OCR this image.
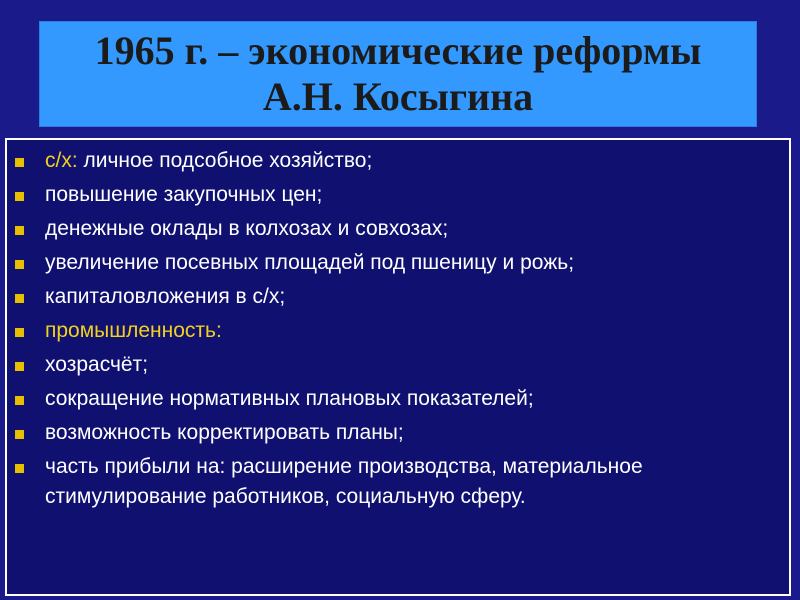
1965 г. – экономические реформы
А.Н. Косыгина
с/х: личное подсобное хозяйство;
повышение закупочных цен;
денежные оклады в колхозах и совхозах;
увеличение посевных площадей под пшеницу и рожь;
капиталовложения в с/х;
промышленность:
хозрасчёт;
сокращение нормативных плановых показателей;
возможность корректировать планы;
часть прибыли на: расширение производства, материальное стимулирование работников, социальную сферу.
